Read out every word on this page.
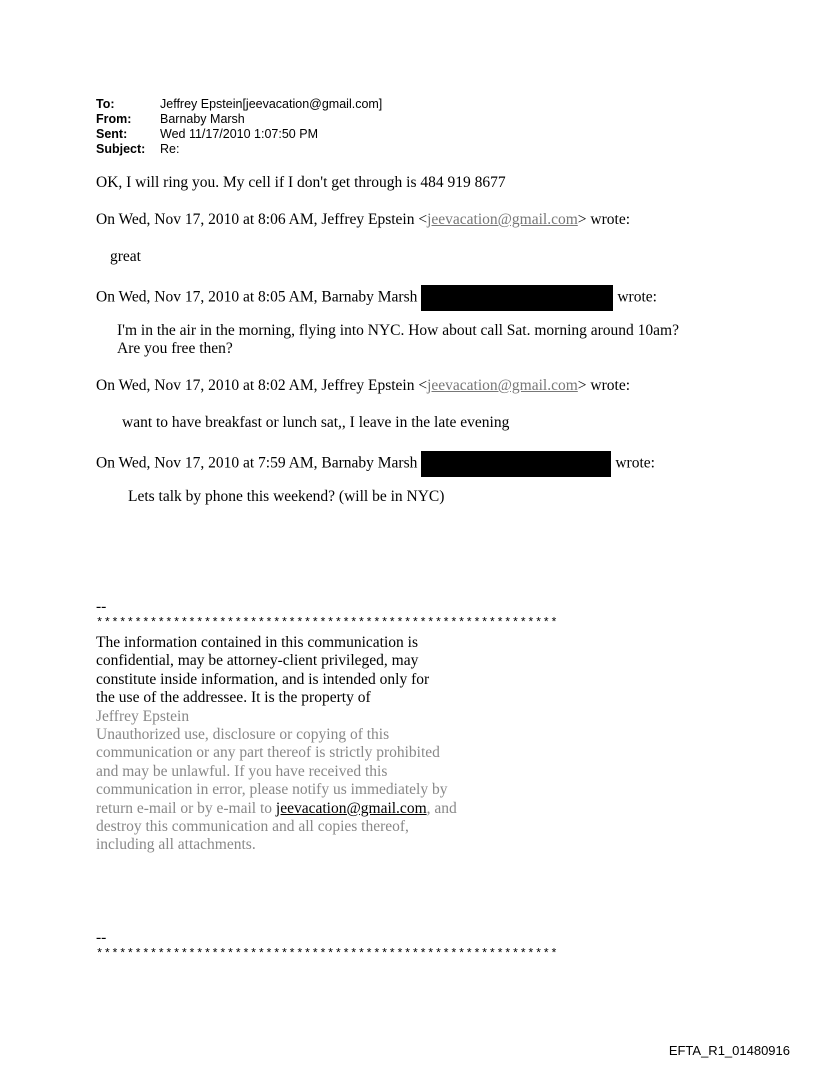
To:	Jeffrey Epstein[jeevacation@gmail.com]
From:	Barnaby Marsh
Sent:	Wed 11/17/2010 1:07:50 PM
Subject:	Re:
OK, I will ring you. My cell if I don't get through is 484 919 8677
On Wed, Nov 17, 2010 at 8:06 AM, Jeffrey Epstein <jeevacation@gmail.com> wrote:
great
On Wed, Nov 17, 2010 at 8:05 AM, Barnaby Marsh	wrote:
I'm in the air in the morning, flying into NYC. How about call Sat. morning around 10am?
Are you free then?
On Wed, Nov 17, 2010 at 8:02 AM, Jeffrey Epstein <jeevacation@gmail.com> wrote:
want to have breakfast or lunch sat,, I leave in the late evening
On Wed, Nov 17, 2010 at 7:59 AM, Barnaby Marsh	wrote:
Lets talk by phone this weekend? (will be in NYC)
--
************************************************************
The information contained in this communication is
confidential, may be attorney-client privileged, may
constitute inside information, and is intended only for
the use of the addressee. It is the property of
Jeffrey Epstein
Unauthorized use, disclosure or copying of this
communication or any part thereof is strictly prohibited
and may be unlawful. If you have received this
communication in error, please notify us immediately by
return e-mail or by e-mail to jeevacation@gmail.com, and
destroy this communication and all copies thereof,
including all attachments.
--
************************************************************
EFTA_R1_01480916
